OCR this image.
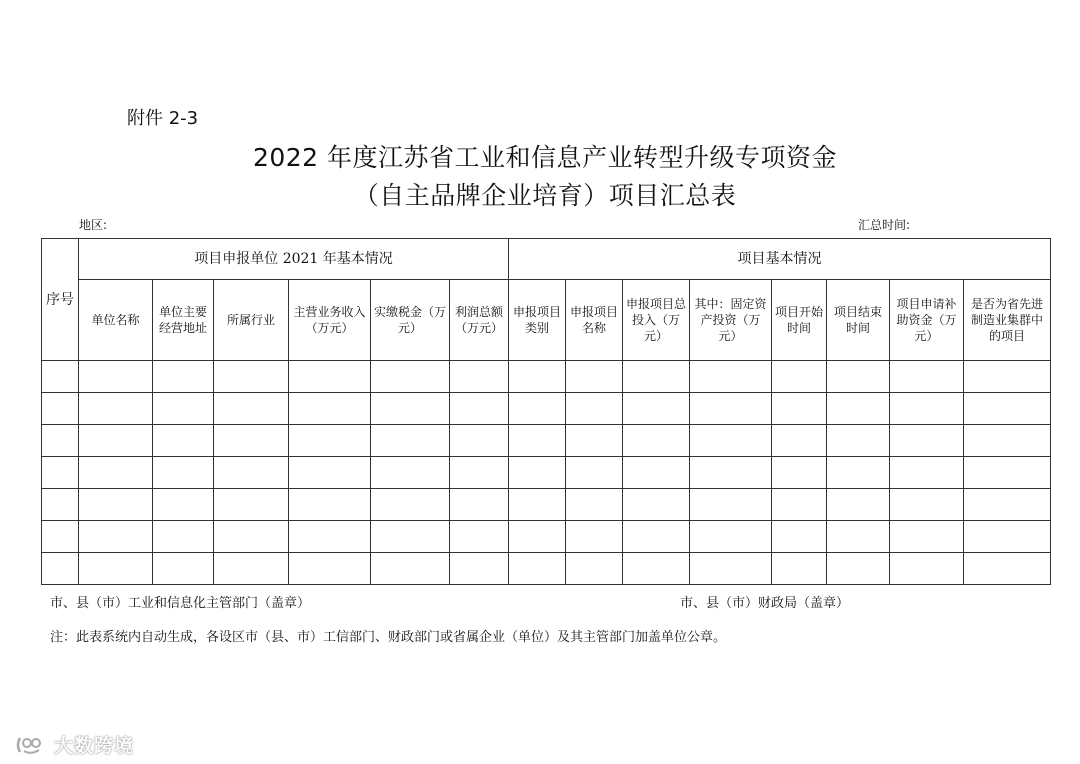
附件 2-3
2022 年度江苏省工业和信息产业转型升级专项资金
（自主品牌企业培育）项目汇总表
地区:	汇总时间:
序号	项目申报单位 2021 年基本情况						项目基本情况							
	单位名称	单位主要经营地址	所属行业	主营业务收入（万元）	实缴税金（万元）	利润总额（万元）	申报项目类别	申报项目名称	申报项目总投入（万元）	其中：固定资产投资（万元）	项目开始时间	项目结束时间	项目申请补助资金（万元）	是否为省先进制造业集群中的项目

市、县（市）工业和信息化主管部门（盖章）	市、县（市）财政局（盖章）
注：此表系统内自动生成，各设区市（县、市）工信部门、财政部门或省属企业（单位）及其主管部门加盖单位公章。
大数跨境
